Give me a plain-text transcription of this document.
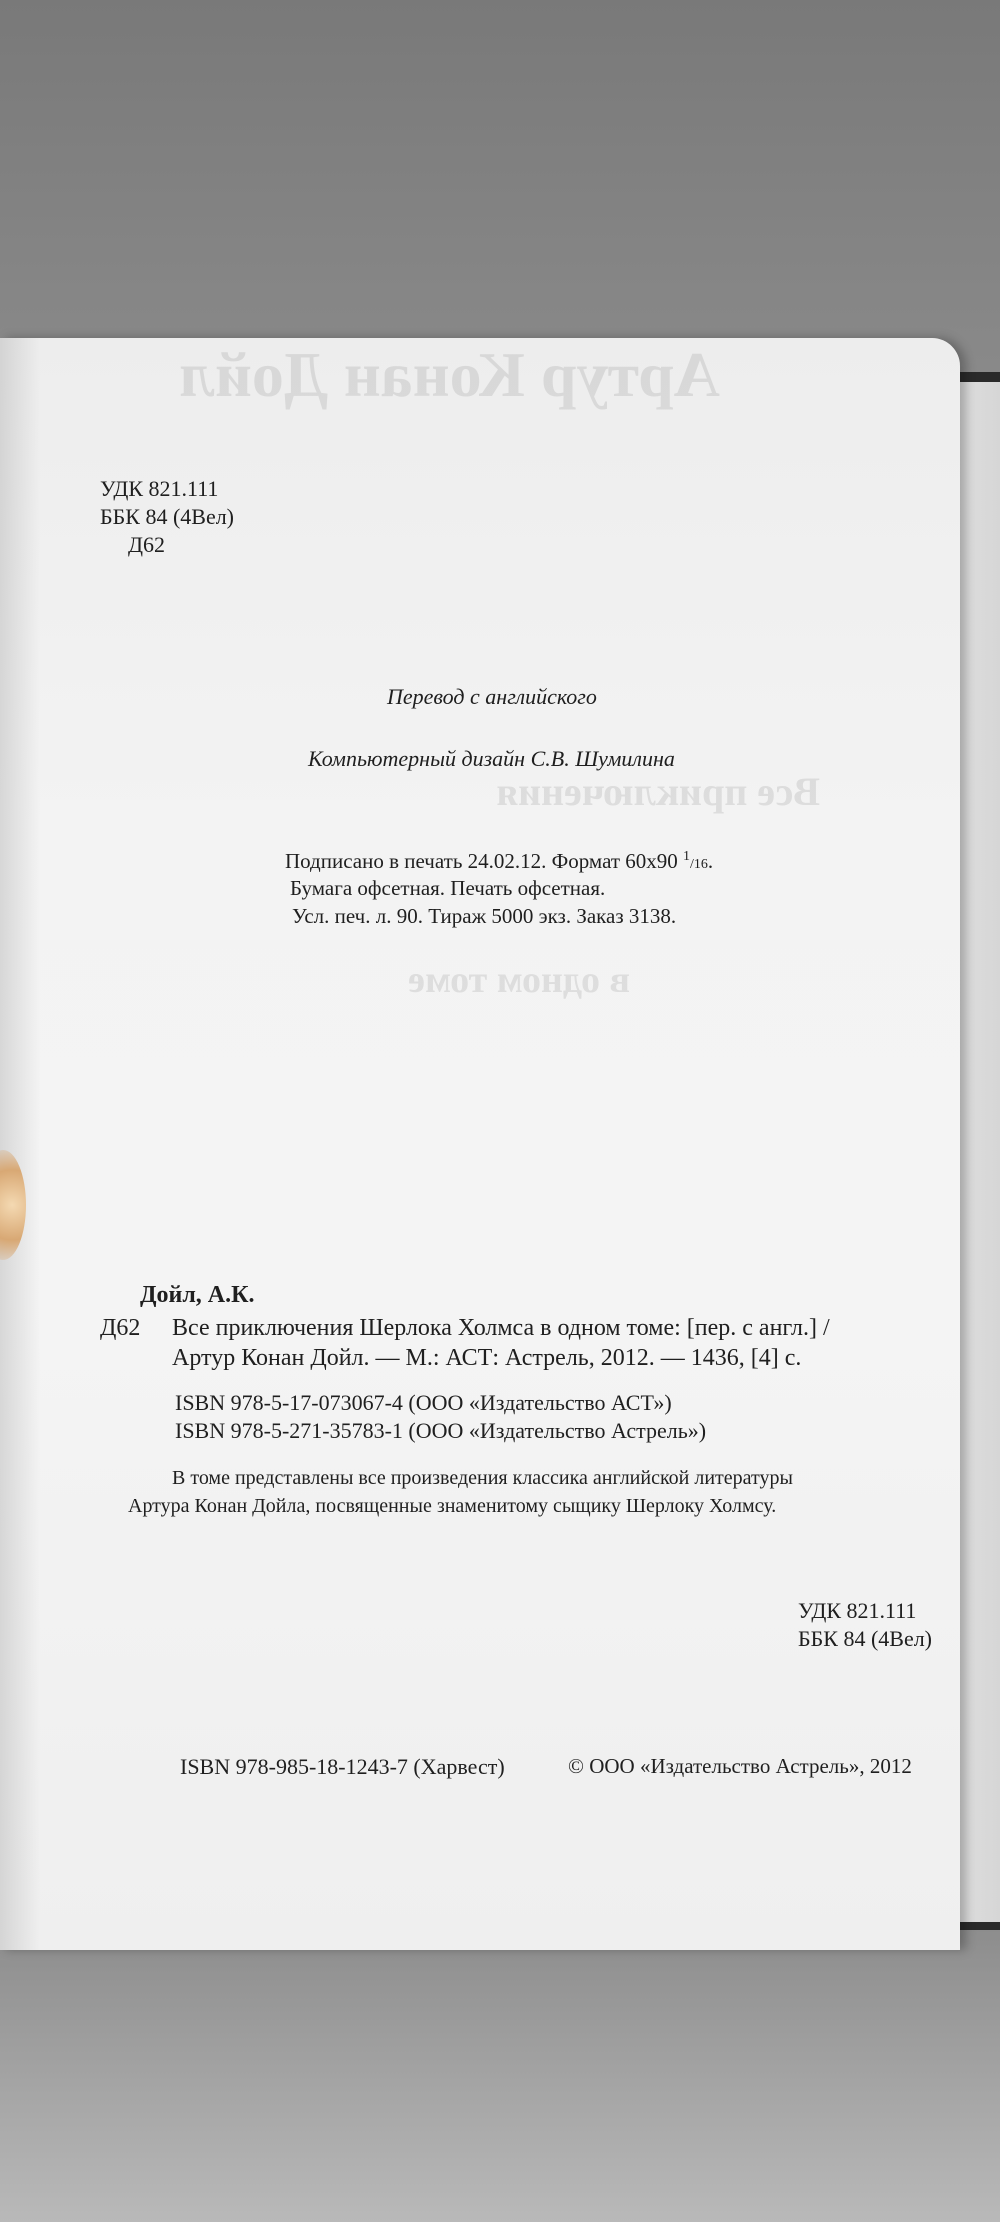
Артур Конан Дойл
Все приключения
в одном томе
УДК 821.111
ББК 84 (4Вел)
Д62
Перевод с английского
Компьютерный дизайн С.В. Шумилина
Подписано в печать 24.02.12. Формат 60х90 $^1$/16.
Бумага офсетная. Печать офсетная.
Усл. печ. л. 90. Тираж 5000 экз. Заказ 3138.
Дойл, А.К.
Д62 Все приключения Шерлока Холмса в одном томе: [пер. с англ.] /
Артур Конан Дойл. — М.: АСТ: Астрель, 2012. — 1436, [4] с.
ISBN 978-5-17-073067-4 (ООО «Издательство АСТ»)
ISBN 978-5-271-35783-1 (ООО «Издательство Астрель»)
В томе представлены все произведения классика английской литературы
Артура Конан Дойла, посвященные знаменитому сыщику Шерлоку Холмсу.
УДК 821.111
ББК 84 (4Вел)
ISBN 978-985-18-1243-7 (Харвест)	© ООО «Издательство Астрель», 2012
